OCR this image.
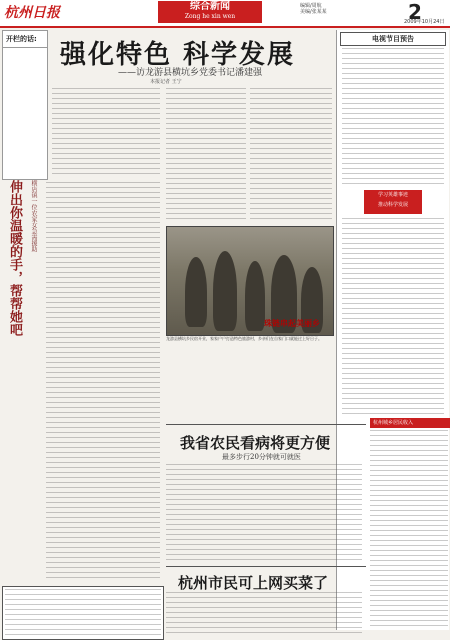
杭州日报	综合新闻
Zong he xin wen
编辑/周航
美编/张某某	2
2009年10月24日
开栏的话:
强化特色 科学发展
——访龙游县横坑乡党委书记潘建强
本报记者 王宁
伸出你温暖的手，帮帮她吧	横店镇一位农家女急需援助
珠链串起美丽乡
龙游县横坑乡民宿开业，家家户户打造特色旅游村，乡亲们在自家门口就能过上好日子。
电视节目预告
学习英雄事迹
推动科学发展
我省农民看病将更方便
最多步行20分钟就可就医
杭州城乡居民收入
杭州市民可上网买菜了
